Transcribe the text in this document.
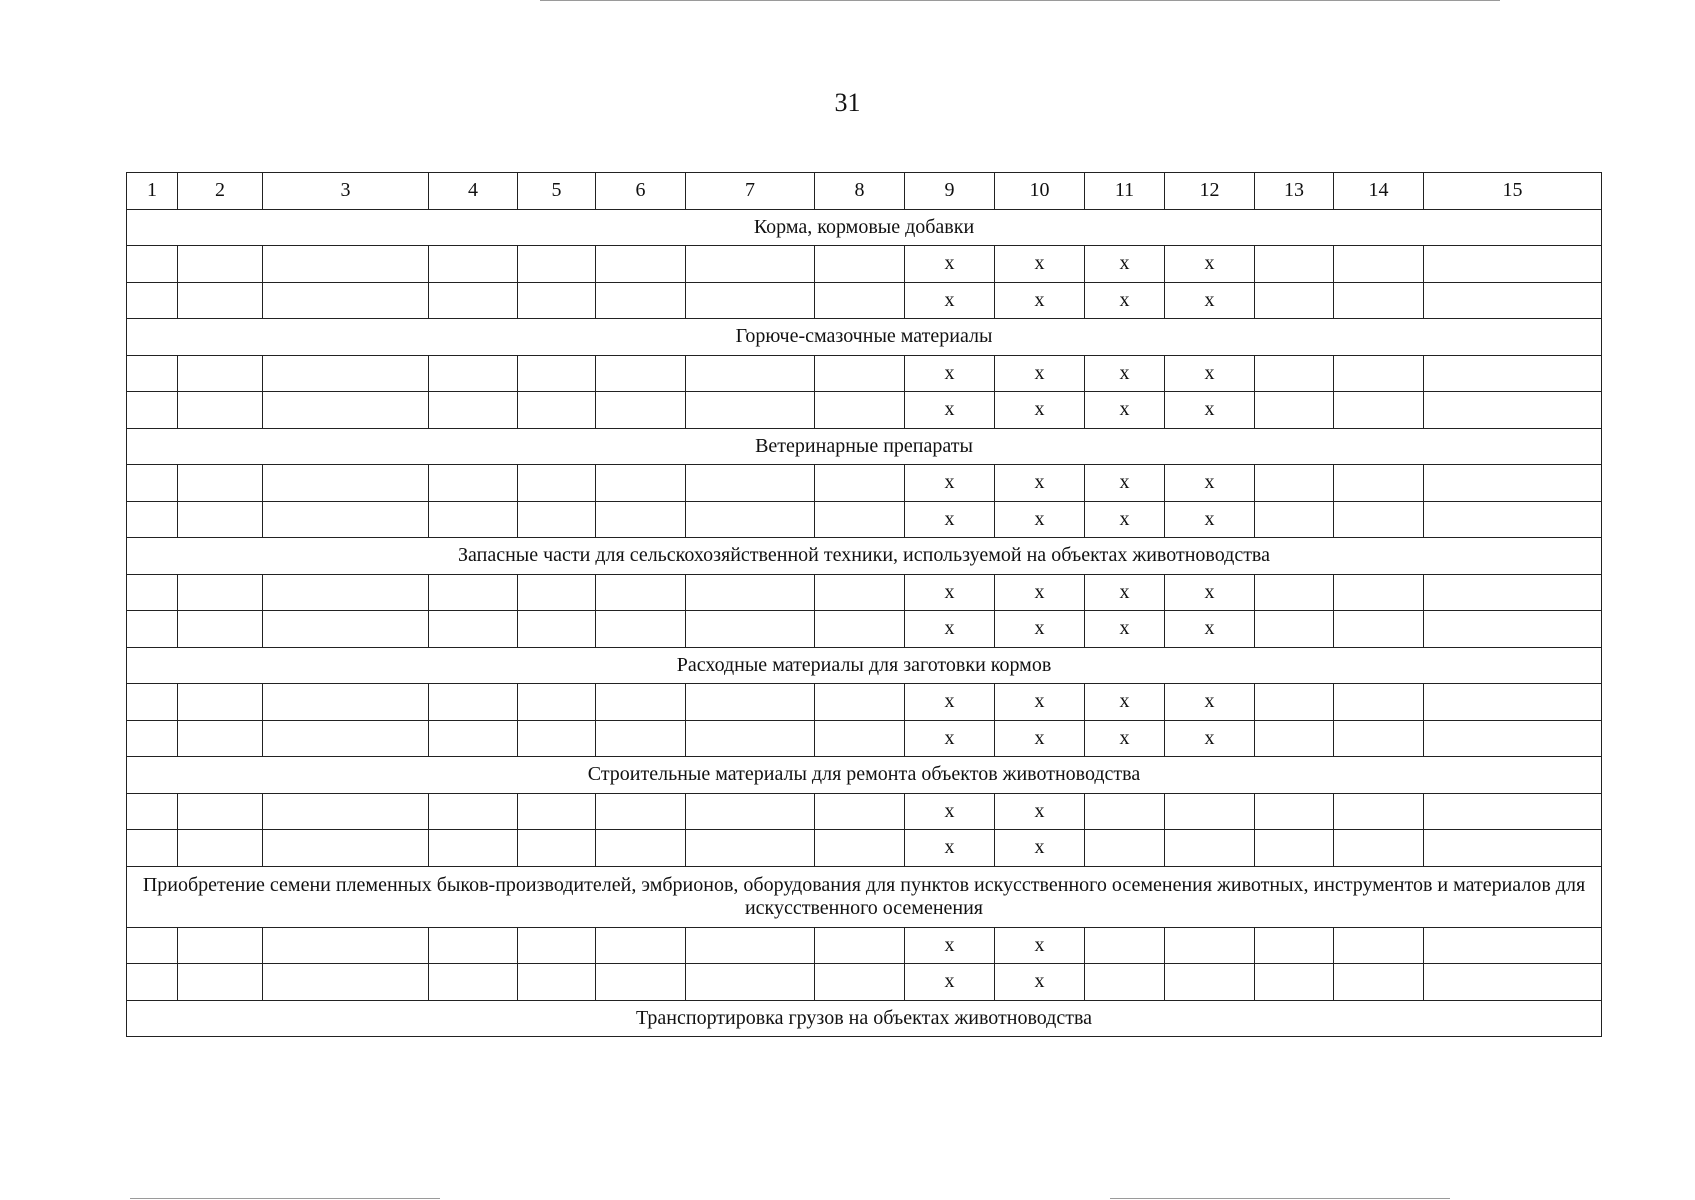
31
1	2	3	4	5	6	7	8	9	10	11	12	13	14	15
Корма, кормовые добавки														
								x	x	x	x			
								x	x	x	x			
Горюче-смазочные материалы														
								x	x	x	x			
								x	x	x	x			
Ветеринарные препараты														
								x	x	x	x			
								x	x	x	x			
Запасные части для сельскохозяйственной техники, используемой на объектах животноводства														
								x	x	x	x			
								x	x	x	x			
Расходные материалы для заготовки кормов														
								x	x	x	x			
								x	x	x	x			
Строительные материалы для ремонта объектов животноводства														
								x	x					
								x	x					
Приобретение семени племенных быков-производителей, эмбрионов, оборудования для пунктов искусственного осеменения животных, инструментов и материалов для искусственного осеменения														
								x	x					
								x	x					
Транспортировка грузов на объектах животноводства														
